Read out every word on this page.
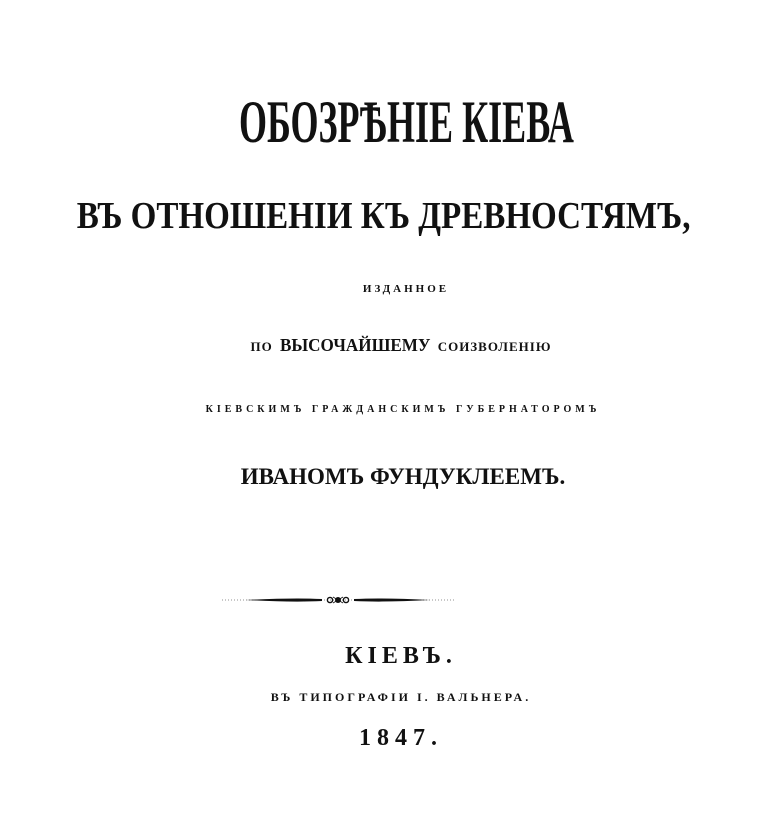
ОБОЗРѢНІЕ КІЕВА
ВЪ ОТНОШЕНІИ КЪ ДРЕВНОСТЯМЪ,
ИЗДАННОЕ
ПО ВЫСОЧАЙШЕМУ СОИЗВОЛЕНІЮ
КІЕВСКИМЪ ГРАЖДАНСКИМЪ ГУБЕРНАТОРОМЪ
ИВАНОМЪ ФУНДУКЛЕЕМЪ.
КІЕВЪ.
ВЪ ТИПОГРАФІИ І. ВАЛЬНЕРА.
1847.
